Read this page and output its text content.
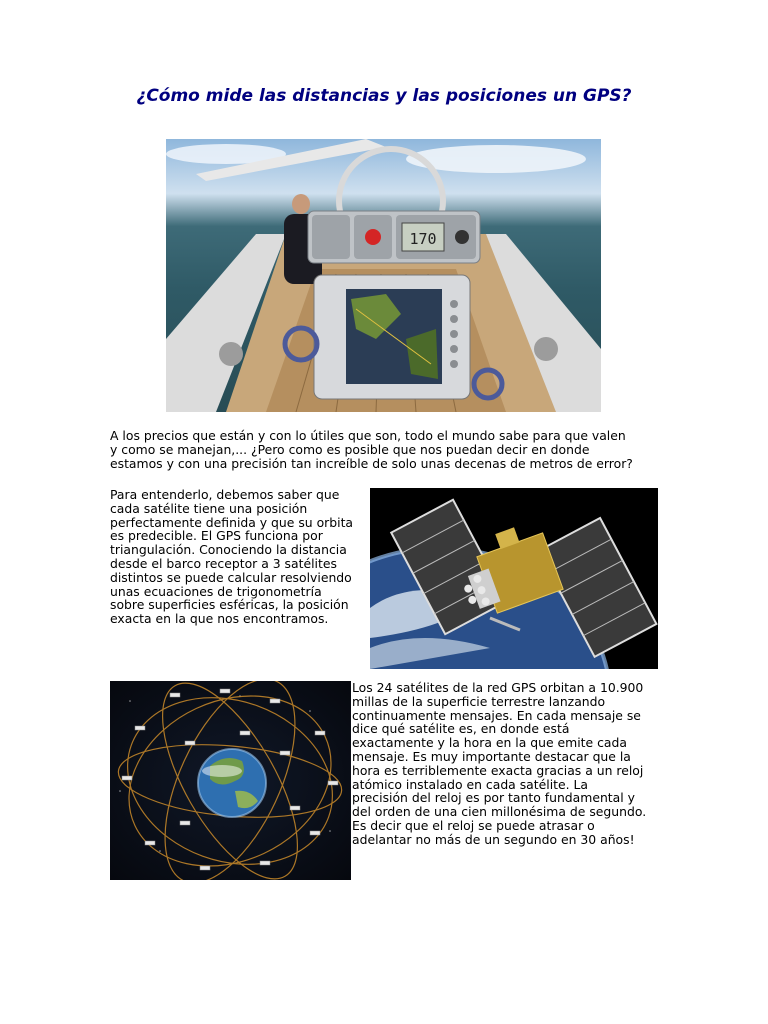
¿Cómo mide las distancias y las posiciones un GPS?
170
A los precios que están y con lo útiles que son, todo el mundo sabe para que valen
y como se manejan,... ¿Pero como es posible que nos puedan decir en donde
estamos y con una precisión tan increíble de solo unas decenas de metros de error?
Para entenderlo, debemos saber que
cada satélite tiene una posición
perfectamente definida y que su orbita
es predecible. El GPS funciona por
triangulación. Conociendo la distancia
desde el barco receptor a 3 satélites
distintos se puede calcular resolviendo
unas ecuaciones de trigonometría
sobre superficies esféricas, la posición
exacta en la que nos encontramos.
Los 24 satélites de la red GPS orbitan a 10.900
millas de la superficie terrestre lanzando
continuamente mensajes. En cada mensaje se
dice qué satélite es, en donde está
exactamente y la hora en la que emite cada
mensaje. Es muy importante destacar que la
hora es terriblemente exacta gracias a un reloj
atómico instalado en cada satélite. La
precisión del reloj es por tanto fundamental y
del orden de una cien millonésima de segundo.
Es decir que el reloj se puede atrasar o
adelantar no más de un segundo en 30 años!
